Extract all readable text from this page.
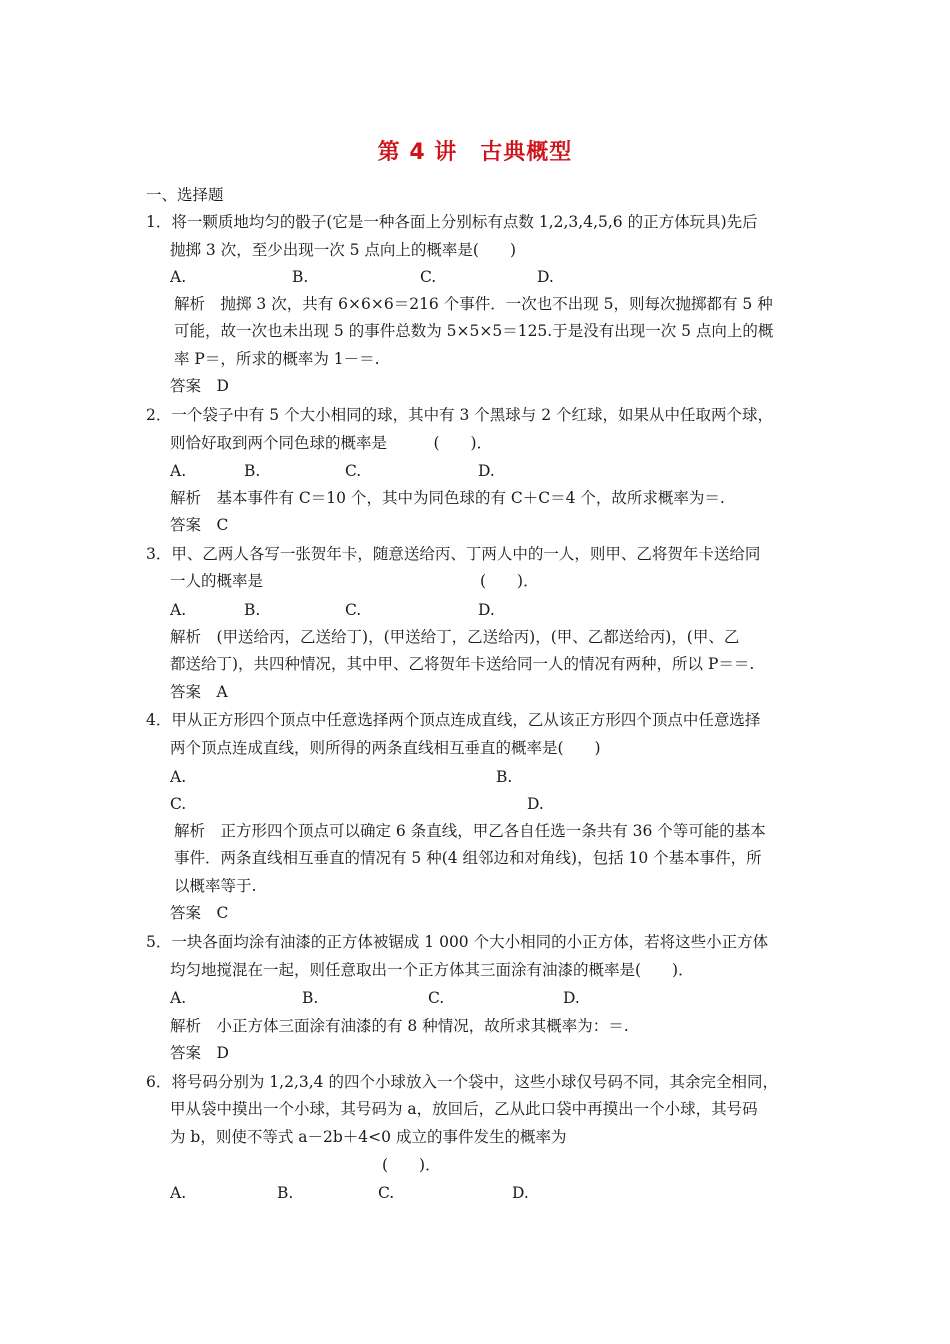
第 4 讲　古典概型
一、选择题
1．将一颗质地均匀的骰子(它是一种各面上分别标有点数 1,2,3,4,5,6 的正方体玩具)先后
抛掷 3 次，至少出现一次 5 点向上的概率是(　　)
A.	B.	C.	D.
解析　抛掷 3 次，共有 6×6×6＝216 个事件．一次也不出现 5，则每次抛掷都有 5 种
可能，故一次也未出现 5 的事件总数为 5×5×5＝125.于是没有出现一次 5 点向上的概
率 P＝，所求的概率为 1－＝.
答案　D
2．一个袋子中有 5 个大小相同的球，其中有 3 个黑球与 2 个红球，如果从中任取两个球，
则恰好取到两个同色球的概率是　　　(　　)．
A.	B.	C.	D.
解析　基本事件有 C＝10 个，其中为同色球的有 C＋C＝4 个，故所求概率为＝.
答案　C
3．甲、乙两人各写一张贺年卡，随意送给丙、丁两人中的一人，则甲、乙将贺年卡送给同
一人的概率是　　　　　　　　　　　　　　(　　)．
A.	B.	C.	D.
解析　(甲送给丙，乙送给丁)，(甲送给丁，乙送给丙)，(甲、乙都送给丙)，(甲、乙
都送给丁)，共四种情况，其中甲、乙将贺年卡送给同一人的情况有两种，所以 P＝＝.
答案　A
4．甲从正方形四个顶点中任意选择两个顶点连成直线，乙从该正方形四个顶点中任意选择
两个顶点连成直线，则所得的两条直线相互垂直的概率是(　　)
A.	B.
C.	D.
解析　正方形四个顶点可以确定 6 条直线，甲乙各自任选一条共有 36 个等可能的基本
事件．两条直线相互垂直的情况有 5 种(4 组邻边和对角线)，包括 10 个基本事件，所
以概率等于.
答案　C
5．一块各面均涂有油漆的正方体被锯成 1 000 个大小相同的小正方体，若将这些小正方体
均匀地搅混在一起，则任意取出一个正方体其三面涂有油漆的概率是(　　)．
A.	B.	C.	D.
解析　小正方体三面涂有油漆的有 8 种情况，故所求其概率为：＝.
答案　D
6．将号码分别为 1,2,3,4 的四个小球放入一个袋中，这些小球仅号码不同，其余完全相同，
甲从袋中摸出一个小球，其号码为 a，放回后，乙从此口袋中再摸出一个小球，其号码
为 b，则使不等式 a－2b＋4<0 成立的事件发生的概率为
(　　)．
A.	B.	C.	D.
